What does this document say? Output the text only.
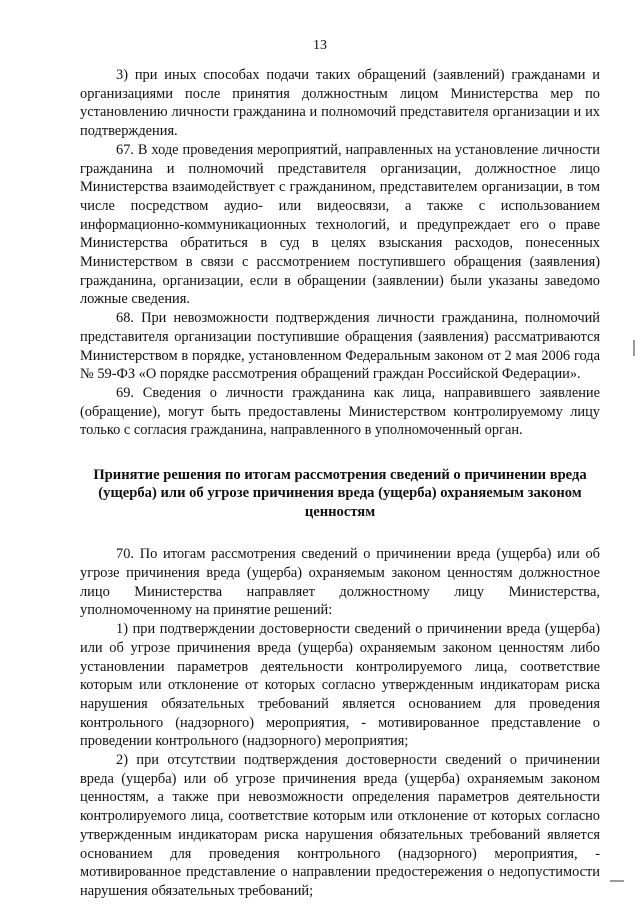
13

3) при иных способах подачи таких обращений (заявлений) гражданами и организациями после принятия должностным лицом Министерства мер по установлению личности гражданина и полномочий представителя организации и их подтверждения.

67. В ходе проведения мероприятий, направленных на установление личности гражданина и полномочий представителя организации, должностное лицо Министерства взаимодействует с гражданином, представителем организации, в том числе посредством аудио- или видеосвязи, а также с использованием информационно-коммуникационных технологий, и предупреждает его о праве Министерства обратиться в суд в целях взыскания расходов, понесенных Министерством в связи с рассмотрением поступившего обращения (заявления) гражданина, организации, если в обращении (заявлении) были указаны заведомо ложные сведения.

68. При невозможности подтверждения личности гражданина, полномочий представителя организации поступившие обращения (заявления) рассматриваются Министерством в порядке, установленном Федеральным законом от 2 мая 2006 года № 59-ФЗ «О порядке рассмотрения обращений граждан Российской Федерации».

69. Сведения о личности гражданина как лица, направившего заявление (обращение), могут быть предоставлены Министерством контролируемому лицу только с согласия гражданина, направленного в уполномоченный орган.

Принятие решения по итогам рассмотрения сведений о причинении вреда (ущерба) или об угрозе причинения вреда (ущерба) охраняемым законом ценностям

70. По итогам рассмотрения сведений о причинении вреда (ущерба) или об угрозе причинения вреда (ущерба) охраняемым законом ценностям должностное лицо Министерства направляет должностному лицу Министерства, уполномоченному на принятие решений:

1) при подтверждении достоверности сведений о причинении вреда (ущерба) или об угрозе причинения вреда (ущерба) охраняемым законом ценностям либо установлении параметров деятельности контролируемого лица, соответствие которым или отклонение от которых согласно утвержденным индикаторам риска нарушения обязательных требований является основанием для проведения контрольного (надзорного) мероприятия, - мотивированное представление о проведении контрольного (надзорного) мероприятия;

2) при отсутствии подтверждения достоверности сведений о причинении вреда (ущерба) или об угрозе причинения вреда (ущерба) охраняемым законом ценностям, а также при невозможности определения параметров деятельности контролируемого лица, соответствие которым или отклонение от которых согласно утвержденным индикаторам риска нарушения обязательных требований является основанием для проведения контрольного (надзорного) мероприятия, - мотивированное представление о направлении предостережения о недопустимости нарушения обязательных требований;
